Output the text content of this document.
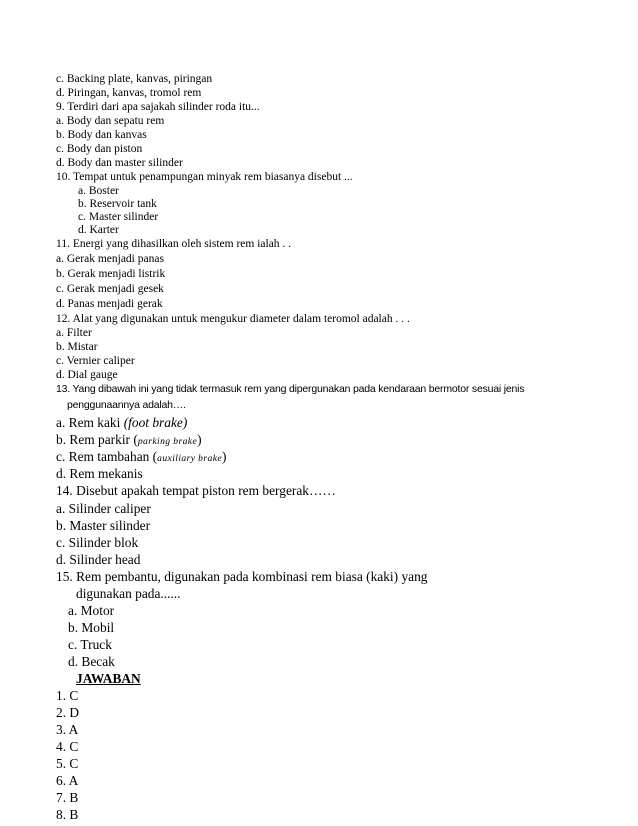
c. Backing plate, kanvas, piringan
d. Piringan, kanvas, tromol rem
9. Terdiri dari apa sajakah silinder roda itu...
a. Body dan sepatu rem
b. Body dan kanvas
c. Body dan piston
d. Body dan master silinder
10. Tempat untuk penampungan minyak rem biasanya disebut ...
a. Boster
b. Reservoir tank
c. Master silinder
d. Karter
11. Energi yang dihasilkan oleh sistem rem ialah . .
a. Gerak menjadi panas
b. Gerak menjadi listrik
c. Gerak menjadi gesek
d. Panas menjadi gerak
12. Alat yang digunakan untuk mengukur diameter dalam teromol adalah . . .
a. Filter
b. Mistar
c. Vernier caliper
d. Dial gauge
13. Yang dibawah ini yang tidak termasuk rem yang dipergunakan pada kendaraan bermotor sesuai jenis
penggunaannya adalah….
a. Rem kaki (foot brake)
b. Rem parkir (parking brake)
c. Rem tambahan (auxiliary brake)
d. Rem mekanis
14. Disebut apakah tempat piston rem bergerak……
a. Silinder caliper
b. Master silinder
c. Silinder blok
d. Silinder head
15. Rem pembantu, digunakan pada kombinasi rem biasa (kaki) yang
digunakan pada......
a. Motor
b. Mobil
c. Truck
d. Becak
JAWABAN
1. C
2. D
3. A
4. C
5. C
6. A
7. B
8. B
